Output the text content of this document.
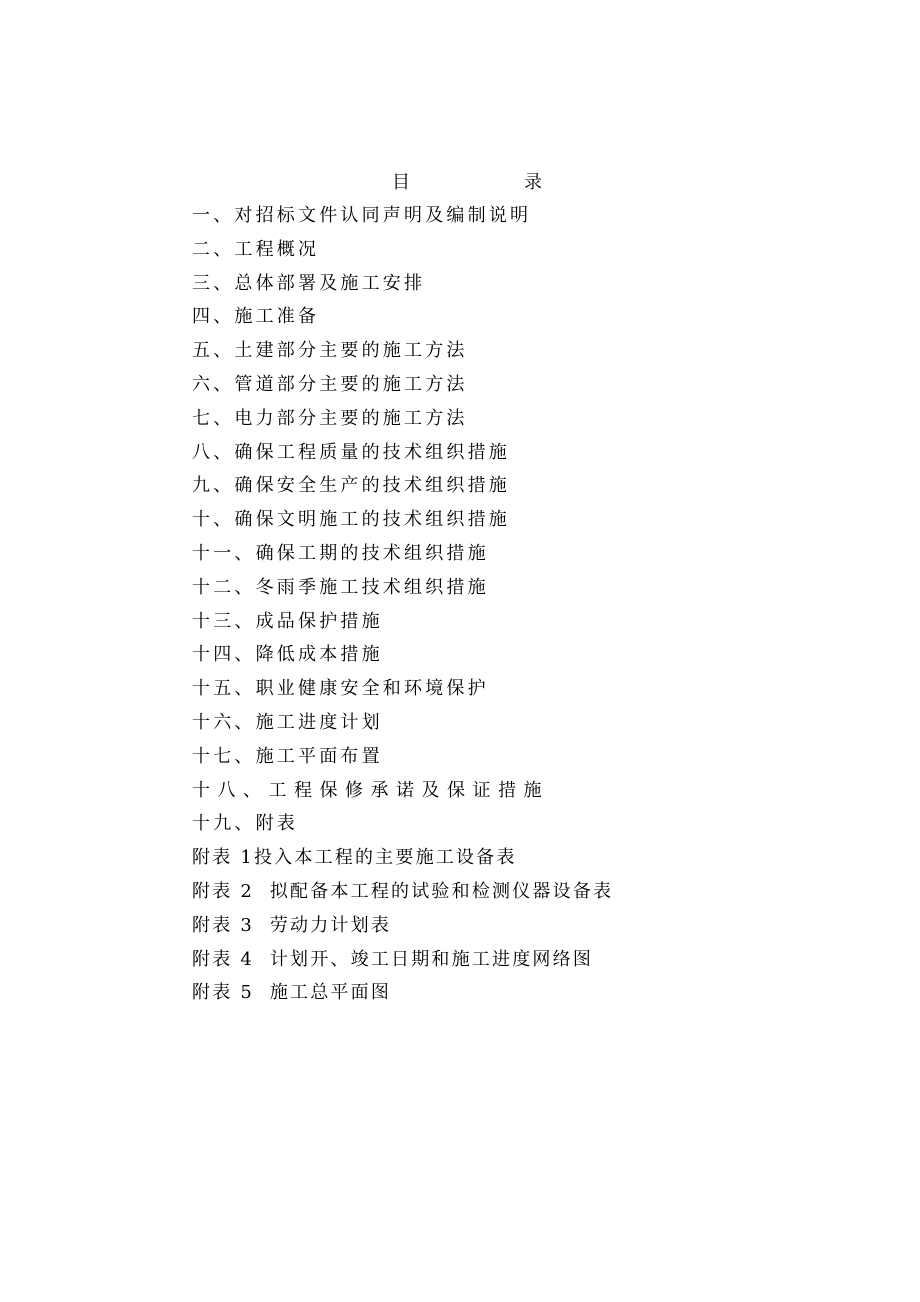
目	录
一、对招标文件认同声明及编制说明
二、工程概况
三、总体部署及施工安排
四、施工准备
五、土建部分主要的施工方法
六、管道部分主要的施工方法
七、电力部分主要的施工方法
八、确保工程质量的技术组织措施
九、确保安全生产的技术组织措施
十、确保文明施工的技术组织措施
十一、确保工期的技术组织措施
十二、冬雨季施工技术组织措施
十三、成品保护措施
十四、降低成本措施
十五、职业健康安全和环境保护
十六、施工进度计划
十七、施工平面布置
十八、工程保修承诺及保证措施
十九、附表
附表 1投入本工程的主要施工设备表
附表 2 拟配备本工程的试验和检测仪器设备表
附表 3 劳动力计划表
附表 4 计划开、竣工日期和施工进度网络图
附表 5 施工总平面图
